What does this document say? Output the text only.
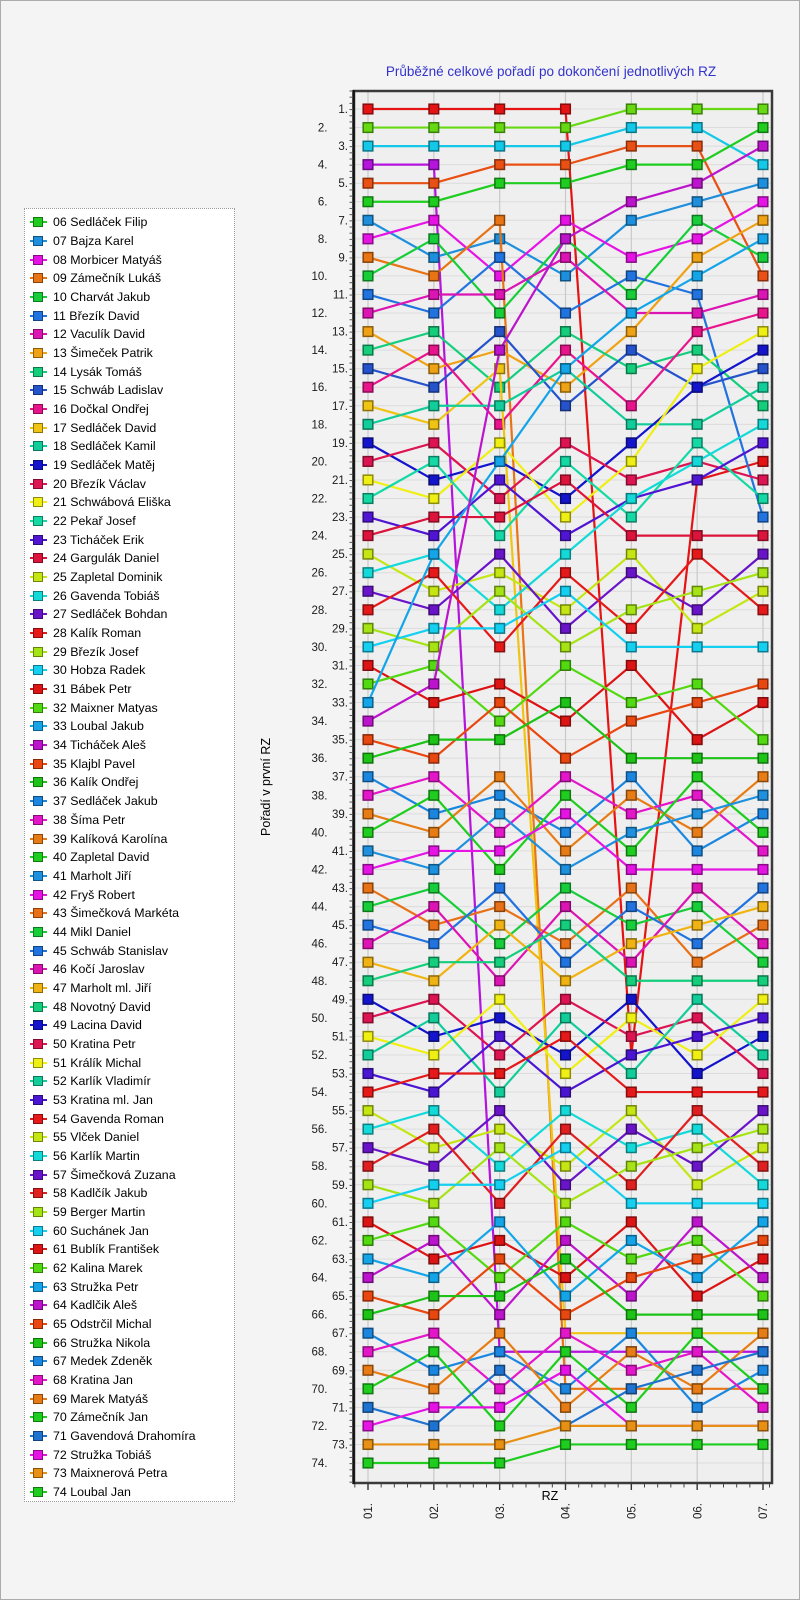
Průběžné celkové pořadí po dokončení jednotlivých RZ
06 Sedláček Filip
07 Bajza Karel
08 Morbicer Matyáš
09 Zámečník Lukáš
10 Charvát Jakub
11 Březík David
12 Vaculík David
13 Šimeček Patrik
14 Lysák Tomáš
15 Schwáb Ladislav
16 Dočkal Ondřej
17 Sedláček David
18 Sedláček Kamil
19 Sedláček Matěj
20 Březík Václav
21 Schwábová Eliška
22 Pekař Josef
23 Ticháček Erik
24 Gargulák Daniel
25 Zapletal Dominik
26 Gavenda Tobiáš
27 Sedláček Bohdan
28 Kalík Roman
29 Březík Josef
30 Hobza Radek
31 Bábek Petr
32 Maixner Matyas
33 Loubal Jakub
34 Ticháček Aleš
35 Klajbl Pavel
36 Kalík Ondřej
37 Sedláček Jakub
38 Šíma Petr
39 Kalíková Karolína
40 Zapletal David
41 Marholt Jiří
42 Fryš Robert
43 Šimečková Markéta
44 Mikl Daniel
45 Schwáb Stanislav
46 Kočí Jaroslav
47 Marholt ml. Jiří
48 Novotný David
49 Lacina David
50 Kratina Petr
51 Králík Michal
52 Karlík Vladimír
53 Kratina ml. Jan
54 Gavenda Roman
55 Vlček Daniel
56 Karlík Martin
57 Šimečková Zuzana
58 Kadlčík Jakub
59 Berger Martin
60 Suchánek Jan
61 Bublík František
62 Kalina Marek
63 Stružka Petr
64 Kadlčik Aleš
65 Odstrčil Michal
66 Stružka Nikola
67 Medek Zdeněk
68 Kratina Jan
69 Marek Matyáš
70 Zámečník Jan
71 Gavendová Drahomíra
72 Stružka Tobiáš
73 Maixnerová Petra
74 Loubal Jan
1.
2.
3.
4.
5.
6.
7.
8.
9.
10.
11.
12.
13.
14.
15.
16.
17.
18.
19.
20.
21.
22.
23.
24.
25.
26.
27.
28.
29.
30.
31.
32.
33.
34.
35.
36.
37.
38.
39.
40.
41.
42.
43.
44.
45.
46.
47.
48.
49.
50.
51.
52.
53.
54.
55.
56.
57.
58.
59.
60.
61.
62.
63.
64.
65.
66.
67.
68.
69.
70.
71.
72.
73.
74.
01.	02.	03.	04.	05.	06.	07.
Pořadí v první RZ
RZ
